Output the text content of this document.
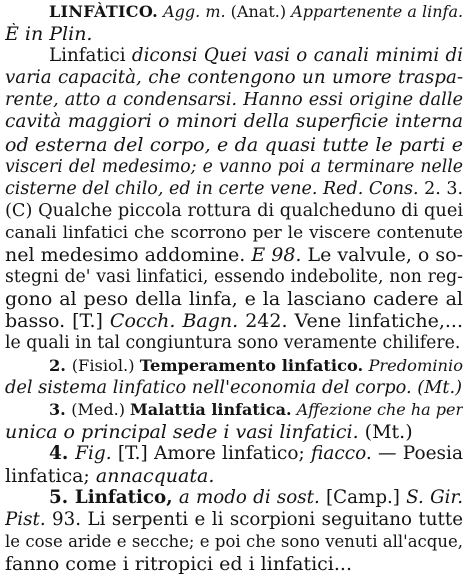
LINFÀTICO. Agg. m. (Anat.) Appartenente a linfa.
È in Plin.
Linfatici diconsi Quei vasi o canali minimi di
varia capacità, che contengono un umore traspa-
rente, atto a condensarsi. Hanno essi origine dalle
cavità maggiori o minori della superficie interna
od esterna del corpo, e da quasi tutte le parti e
visceri del medesimo; e vanno poi a terminare nelle
cisterne del chilo, ed in certe vene. Red. Cons. 2. 3.
(C) Qualche piccola rottura di qualcheduno di quei
canali linfatici che scorrono per le viscere contenute
nel medesimo addomine. E 98. Le valvule, o so-
stegni de' vasi linfatici, essendo indebolite, non reg-
gono al peso della linfa, e la lasciano cadere al
basso. [T.] Cocch. Bagn. 242. Vene linfatiche,...
le quali in tal congiuntura sono veramente chilifere.
2. (Fisiol.) Temperamento linfatico. Predominio
del sistema linfatico nell'economia del corpo. (Mt.)
3. (Med.) Malattia linfatica. Affezione che ha per
unica o principal sede i vasi linfatici. (Mt.)
4. Fig. [T.] Amore linfatico; fiacco. — Poesia
linfatica; annacquata.
5. Linfatico, a modo di sost. [Camp.] S. Gir.
Pist. 93. Li serpenti e li scorpioni seguitano tutte
le cose aride e secche; e poi che sono venuti all'acque,
fanno come i ritropici ed i linfatici...
